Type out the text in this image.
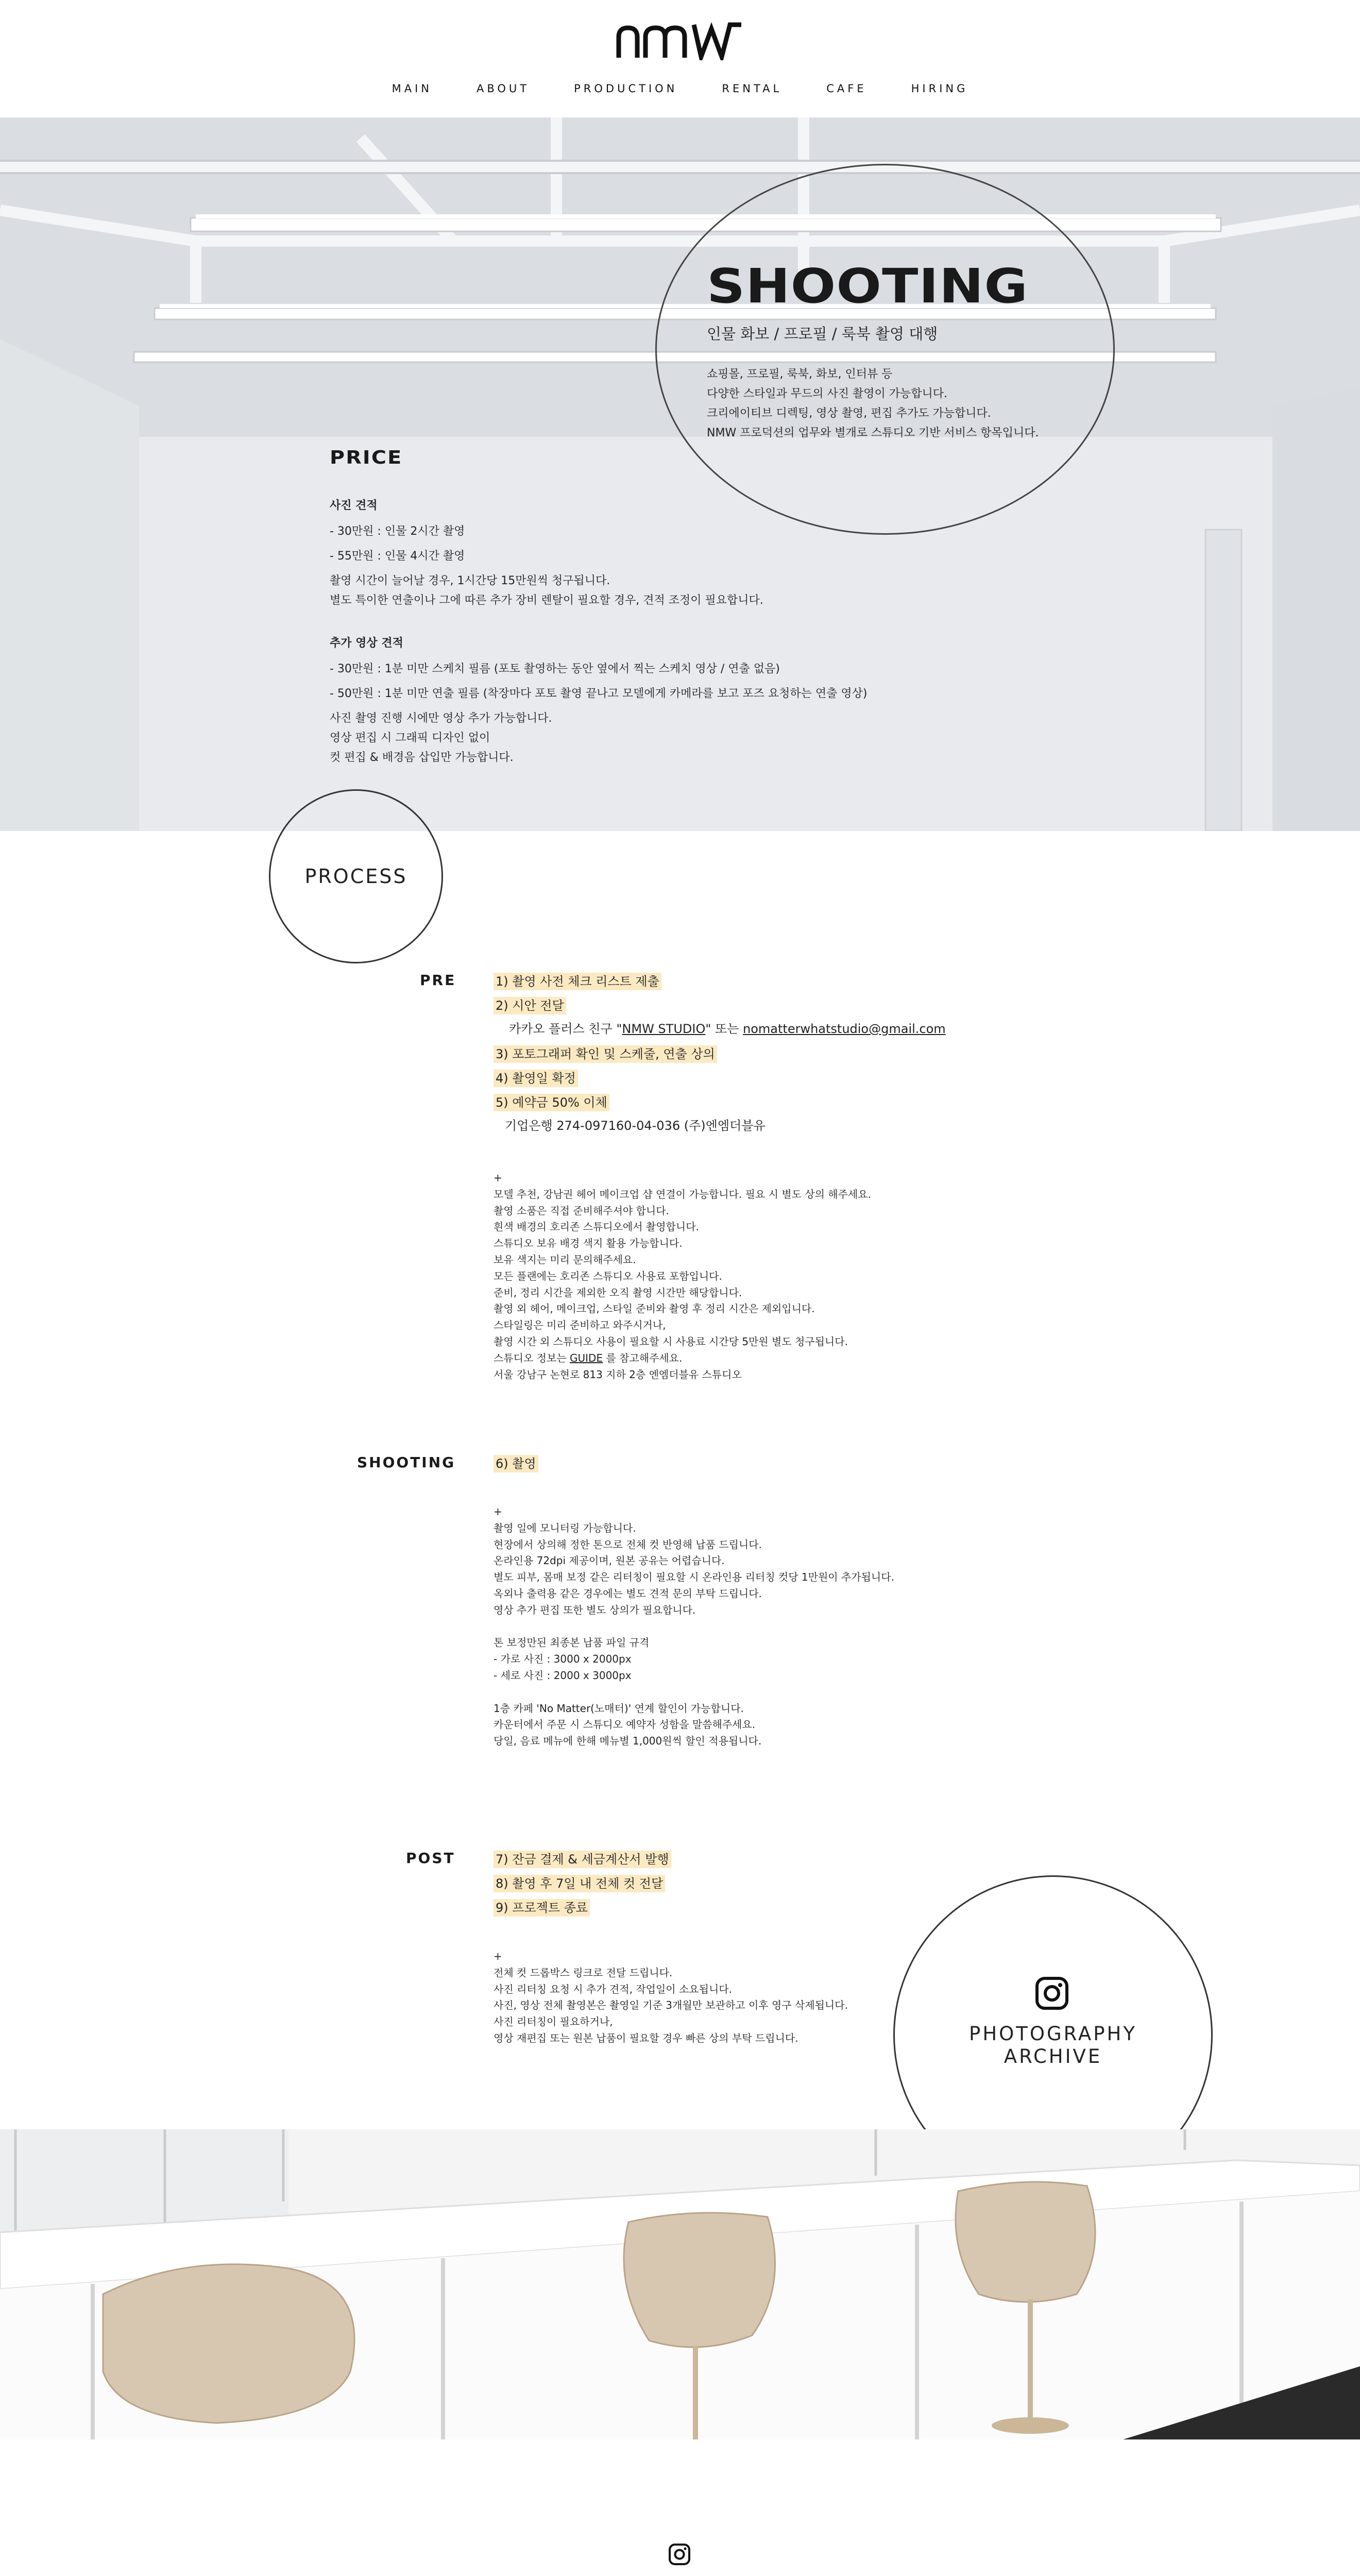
MAIN	ABOUT	PRODUCTION	RENTAL	CAFE	HIRING
SHOOTING
인물 화보 / 프로필 / 룩북 촬영 대행
쇼핑몰, 프로필, 룩북, 화보, 인터뷰 등
다양한 스타일과 무드의 사진 촬영이 가능합니다.
크리에이티브 디렉팅, 영상 촬영, 편집 추가도 가능합니다.
NMW 프로덕션의 업무와 별개로 스튜디오 기반 서비스 항목입니다.
PRICE
사진 견적
- 30만원 : 인물 2시간 촬영
- 55만원 : 인물 4시간 촬영
촬영 시간이 늘어날 경우, 1시간당 15만원씩 청구됩니다.
별도 특이한 연출이나 그에 따른 추가 장비 렌탈이 필요할 경우, 견적 조정이 필요합니다.
추가 영상 견적
- 30만원 : 1분 미만 스케치 필름 (포토 촬영하는 동안 옆에서 찍는 스케치 영상 / 연출 없음)
- 50만원 : 1분 미만 연출 필름 (착장마다 포토 촬영 끝나고 모델에게 카메라를 보고 포즈 요청하는 연출 영상)
사진 촬영 진행 시에만 영상 추가 가능합니다.
영상 편집 시 그래픽 디자인 없이
컷 편집 & 배경음 삽입만 가능합니다.
PROCESS
PRE	1) 촬영 사전 체크 리스트 제출
2) 시안 전달
카카오 플러스 친구 "NMW STUDIO" 또는 nomatterwhatstudio@gmail.com
3) 포토그래퍼 확인 및 스케줄, 연출 상의
4) 촬영일 확정
5) 예약금 50% 이체
기업은행 274-097160-04-036 (주)엔엠더블유
+
모델 추천, 강남권 헤어 메이크업 샵 연결이 가능합니다. 필요 시 별도 상의 해주세요.
촬영 소품은 직접 준비해주셔야 합니다.
흰색 배경의 호리존 스튜디오에서 촬영합니다.
스튜디오 보유 배경 색지 활용 가능합니다.
보유 색지는 미리 문의해주세요.
모든 플랜에는 호리존 스튜디오 사용료 포함입니다.
준비, 정리 시간을 제외한 오직 촬영 시간만 해당합니다.
촬영 외 헤어, 메이크업, 스타일 준비와 촬영 후 정리 시간은 제외입니다.
스타일링은 미리 준비하고 와주시거나,
촬영 시간 외 스튜디오 사용이 필요할 시 사용료 시간당 5만원 별도 청구됩니다.
스튜디오 정보는 GUIDE 를 참고해주세요.
서울 강남구 논현로 813 지하 2층 엔엠더블유 스튜디오
SHOOTING	6) 촬영
+
촬영 일에 모니터링 가능합니다.
현장에서 상의해 정한 톤으로 전체 컷 반영해 납품 드립니다.
온라인용 72dpi 제공이며, 원본 공유는 어렵습니다.
별도 피부, 몸매 보정 같은 리터칭이 필요할 시 온라인용 리터칭 컷당 1만원이 추가됩니다.
옥외나 출력용 같은 경우에는 별도 견적 문의 부탁 드립니다.
영상 추가 편집 또한 별도 상의가 필요합니다.
톤 보정만된 최종본 납품 파일 규격
- 가로 사진 : 3000 x 2000px
- 세로 사진 : 2000 x 3000px
1층 카페 'No Matter(노매터)' 연계 할인이 가능합니다.
카운터에서 주문 시 스튜디오 예약자 성함을 말씀해주세요.
당일, 음료 메뉴에 한해 메뉴별 1,000원씩 할인 적용됩니다.
POST	7) 잔금 결제 & 세금계산서 발행
8) 촬영 후 7일 내 전체 컷 전달
9) 프로젝트 종료
+
전체 컷 드롭박스 링크로 전달 드립니다.
사진 리터칭 요청 시 추가 견적, 작업일이 소요됩니다.
사진, 영상 전체 촬영본은 촬영일 기준 3개월만 보관하고 이후 영구 삭제됩니다.
사진 리터칭이 필요하거나,
영상 재편집 또는 원본 납품이 필요할 경우 빠른 상의 부탁 드립니다.	PHOTOGRAPHY
ARCHIVE
